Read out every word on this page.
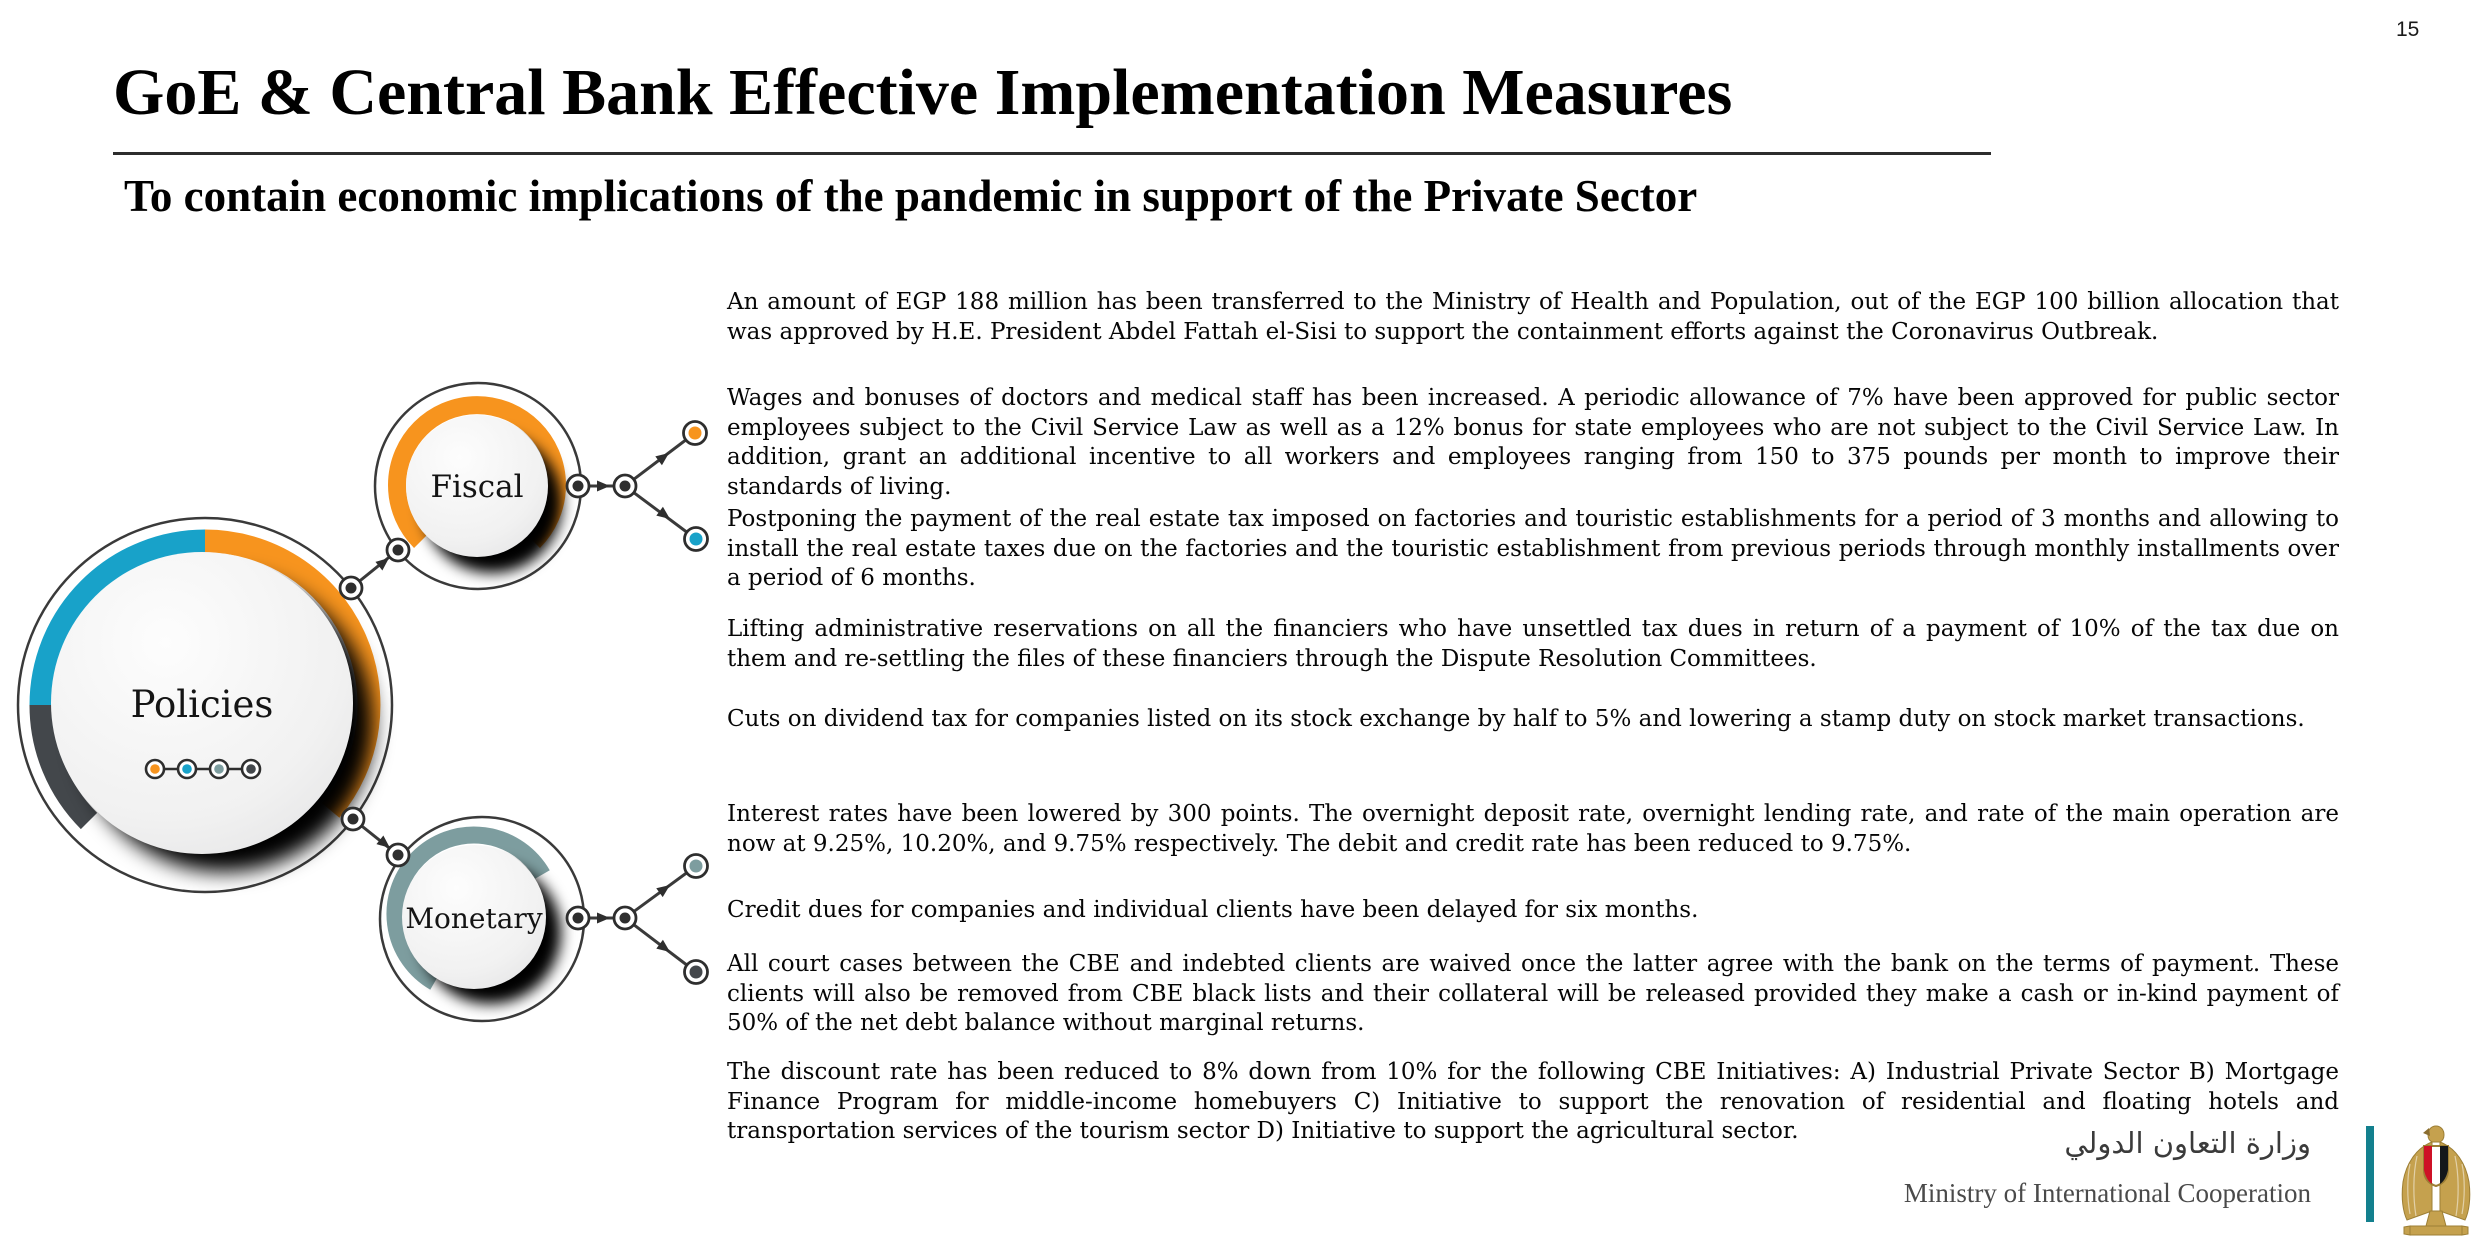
15
GoE & Central Bank Effective Implementation Measures
To contain economic implications of the pandemic in support of the Private Sector

An amount of EGP 188 million has been transferred to the Ministry of Health and Population, out of the EGP 100 billion allocation that was approved by H.E. President Abdel Fattah el-Sisi to support the containment efforts against the Coronavirus Outbreak.

Wages and bonuses of doctors and medical staff has been increased. A periodic allowance of 7% have been approved for public sector employees subject to the Civil Service Law as well as a 12% bonus for state employees who are not subject to the Civil Service Law. In addition, grant an additional incentive to all workers and employees ranging from 150 to 375 pounds per month to improve their standards of living.

Postponing the payment of the real estate tax imposed on factories and touristic establishments for a period of 3 months and allowing to install the real estate taxes due on the factories and the touristic establishment from previous periods through monthly installments over a period of 6 months.

Lifting administrative reservations on all the financiers who have unsettled tax dues in return of a payment of 10% of the tax due on them and re-settling the files of these financiers through the Dispute Resolution Committees.

Cuts on dividend tax for companies listed on its stock exchange by half to 5% and lowering a stamp duty on stock market transactions.

Interest rates have been lowered by 300 points. The overnight deposit rate, overnight lending rate, and rate of the main operation are now at 9.25%, 10.20%, and 9.75% respectively. The debit and credit rate has been reduced to 9.75%.

Credit dues for companies and individual clients have been delayed for six months.

All court cases between the CBE and indebted clients are waived once the latter agree with the bank on the terms of payment. These clients will also be removed from CBE black lists and their collateral will be released provided they make a cash or in-kind payment of 50% of the net debt balance without marginal returns.

The discount rate has been reduced to 8% down from 10% for the following CBE Initiatives: A) Industrial Private Sector B) Mortgage Finance Program for middle-income homebuyers C) Initiative to support the renovation of residential and floating hotels and transportation services of the tourism sector D) Initiative to support the agricultural sector.

Policies
Fiscal
Monetary
وزارة التعاون الدولي
Ministry of International Cooperation
